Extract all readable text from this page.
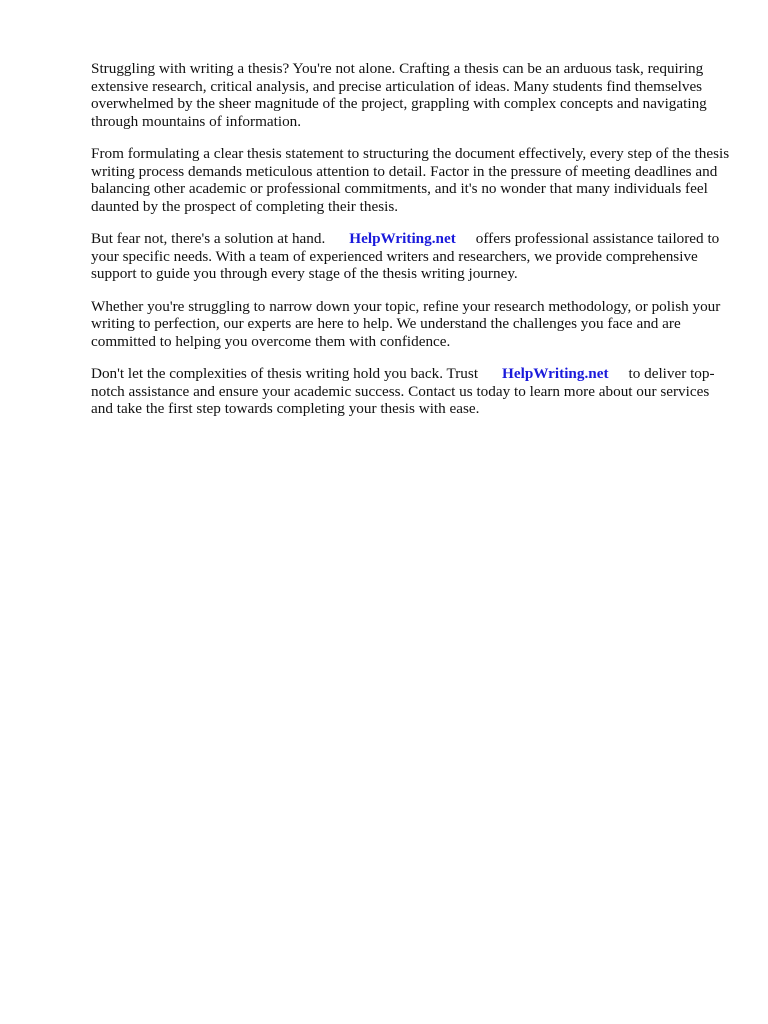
Struggling with writing a thesis? You're not alone. Crafting a thesis can be an arduous task, requiring extensive research, critical analysis, and precise articulation of ideas. Many students find themselves overwhelmed by the sheer magnitude of the project, grappling with complex concepts and navigating through mountains of information.

From formulating a clear thesis statement to structuring the document effectively, every step of the thesis writing process demands meticulous attention to detail. Factor in the pressure of meeting deadlines and balancing other academic or professional commitments, and it's no wonder that many individuals feel daunted by the prospect of completing their thesis.

But fear not, there's a solution at hand. HelpWriting.net offers professional assistance tailored to your specific needs. With a team of experienced writers and researchers, we provide comprehensive support to guide you through every stage of the thesis writing journey.

Whether you're struggling to narrow down your topic, refine your research methodology, or polish your writing to perfection, our experts are here to help. We understand the challenges you face and are committed to helping you overcome them with confidence.

Don't let the complexities of thesis writing hold you back. Trust HelpWriting.net to deliver top-notch assistance and ensure your academic success. Contact us today to learn more about our services and take the first step towards completing your thesis with ease.
